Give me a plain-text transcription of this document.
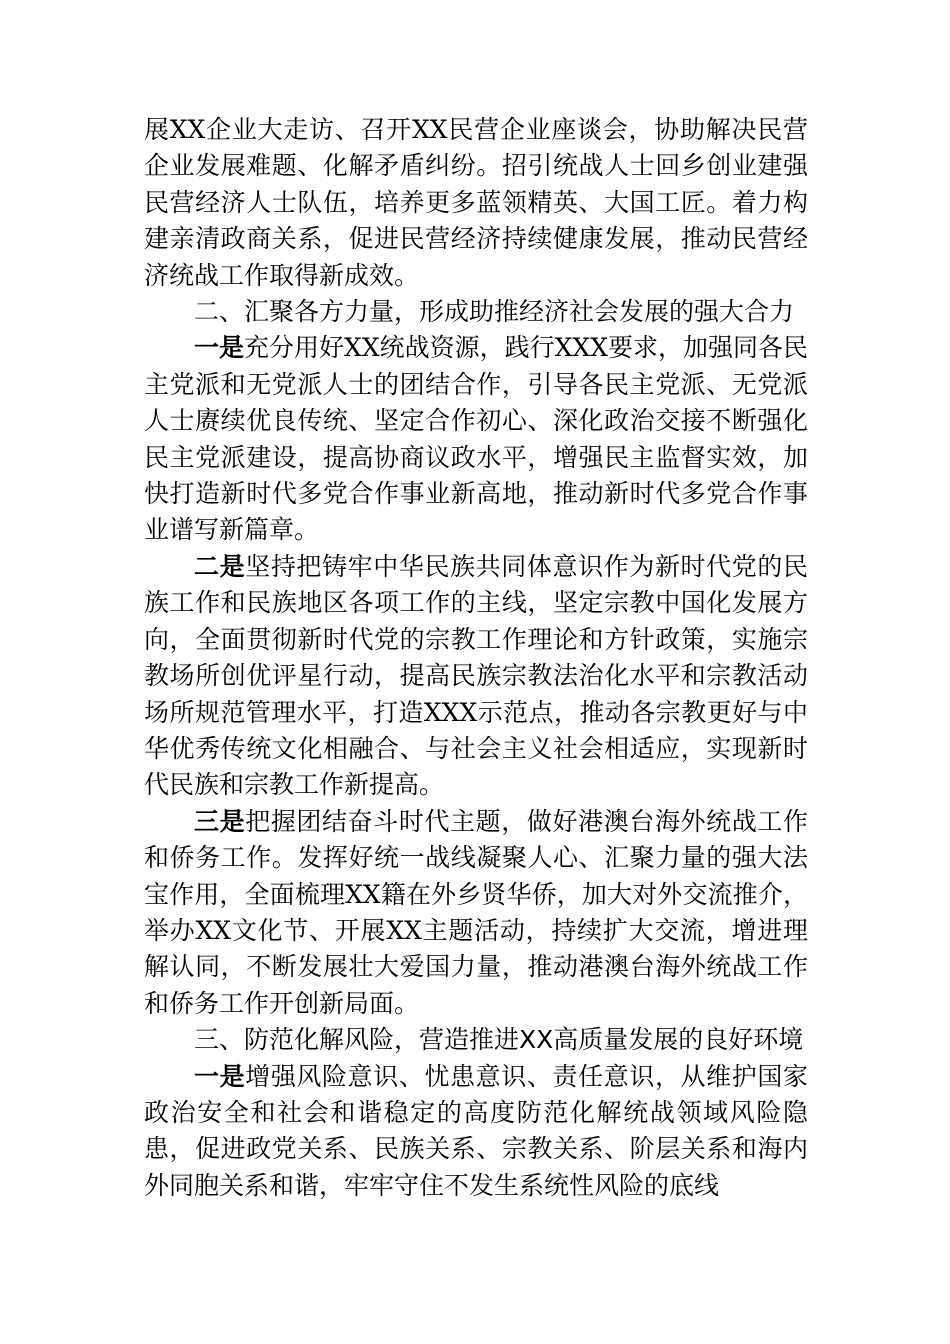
展XX企业大走访、召开XX民营企业座谈会，协助解决民营企业发展难题、化解矛盾纠纷。招引统战人士回乡创业建强民营经济人士队伍，培养更多蓝领精英、大国工匠。着力构建亲清政商关系，促进民营经济持续健康发展，推动民营经济统战工作取得新成效。

二、汇聚各方力量，形成助推经济社会发展的强大合力

一是充分用好XX统战资源，践行XXX要求，加强同各民主党派和无党派人士的团结合作，引导各民主党派、无党派人士赓续优良传统、坚定合作初心、深化政治交接不断强化民主党派建设，提高协商议政水平，增强民主监督实效，加快打造新时代多党合作事业新高地，推动新时代多党合作事业谱写新篇章。

二是坚持把铸牢中华民族共同体意识作为新时代党的民族工作和民族地区各项工作的主线，坚定宗教中国化发展方向，全面贯彻新时代党的宗教工作理论和方针政策，实施宗教场所创优评星行动，提高民族宗教法治化水平和宗教活动场所规范管理水平，打造XXX示范点，推动各宗教更好与中华优秀传统文化相融合、与社会主义社会相适应，实现新时代民族和宗教工作新提高。

三是把握团结奋斗时代主题，做好港澳台海外统战工作和侨务工作。发挥好统一战线凝聚人心、汇聚力量的强大法宝作用，全面梳理XX籍在外乡贤华侨，加大对外交流推介，举办XX文化节、开展XX主题活动，持续扩大交流，增进理解认同，不断发展壮大爱国力量，推动港澳台海外统战工作和侨务工作开创新局面。

三、防范化解风险，营造推进XX高质量发展的良好环境

一是增强风险意识、忧患意识、责任意识，从维护国家政治安全和社会和谐稳定的高度防范化解统战领域风险隐患，促进政党关系、民族关系、宗教关系、阶层关系和海内外同胞关系和谐，牢牢守住不发生系统性风险的底线
